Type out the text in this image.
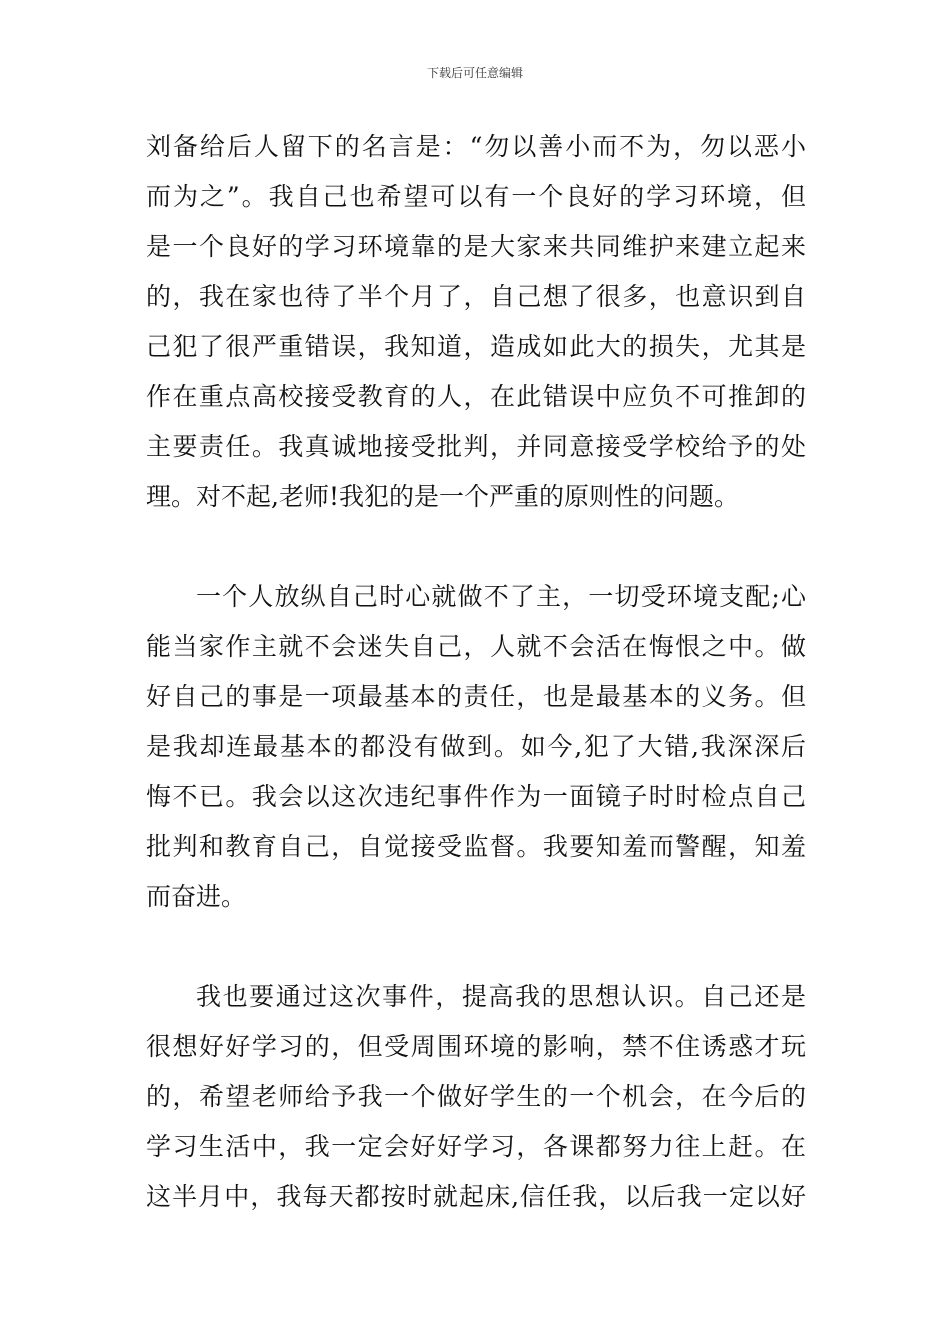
下载后可任意编辑

刘备给后人留下的名言是：“勿以善小而不为，勿以恶小
而为之”。我自己也希望可以有一个良好的学习环境，但
是一个良好的学习环境靠的是大家来共同维护来建立起来
的，我在家也待了半个月了，自己想了很多，也意识到自
己犯了很严重错误，我知道，造成如此大的损失，尤其是
作在重点高校接受教育的人，在此错误中应负不可推卸的
主要责任。我真诚地接受批判，并同意接受学校给予的处
理。对不起,老师!我犯的是一个严重的原则性的问题。

一个人放纵自己时心就做不了主，一切受环境支配;心
能当家作主就不会迷失自己，人就不会活在悔恨之中。做
好自己的事是一项最基本的责任，也是最基本的义务。但
是我却连最基本的都没有做到。如今,犯了大错,我深深后
悔不已。我会以这次违纪事件作为一面镜子时时检点自己
批判和教育自己，自觉接受监督。我要知羞而警醒，知羞
而奋进。

我也要通过这次事件，提高我的思想认识。自己还是
很想好好学习的，但受周围环境的影响，禁不住诱惑才玩
的，希望老师给予我一个做好学生的一个机会，在今后的
学习生活中，我一定会好好学习，各课都努力往上赶。在
这半月中，我每天都按时就起床,信任我，以后我一定以好
